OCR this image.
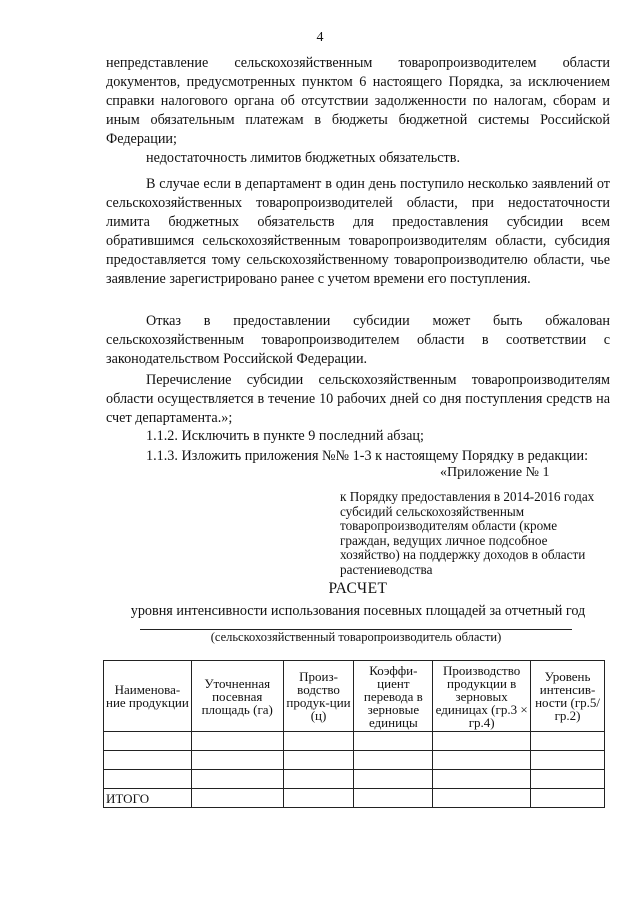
4

непредставление сельскохозяйственным товаропроизводителем области документов, предусмотренных пунктом 6 настоящего Порядка, за исключением справки налогового органа об отсутствии задолженности по налогам, сборам и иным обязательным платежам в бюджеты бюджетной системы Российской Федерации;

недостаточность лимитов бюджетных обязательств.

В случае если в департамент в один день поступило несколько заявлений от сельскохозяйственных товаропроизводителей области, при недостаточности лимита бюджетных обязательств для предоставления субсидии всем обратившимся сельскохозяйственным товаропроизводителям области, субсидия предоставляется тому сельскохозяйственному товаропроизводителю области, чье заявление зарегистрировано ранее с учетом времени его поступления.

Отказ в предоставлении субсидии может быть обжалован сельскохозяйственным товаропроизводителем области в соответствии с законодательством Российской Федерации.

Перечисление субсидии сельскохозяйственным товаропроизводителям области осуществляется в течение 10 рабочих дней со дня поступления средств на счет департамента.»;

1.1.2. Исключить в пункте 9 последний абзац;

1.1.3. Изложить приложения №№ 1-3 к настоящему Порядку в редакции:

«Приложение № 1
к Порядку предоставления в 2014-2016 годах субсидий сельскохозяйственным товаропроизводителям области (кроме граждан, ведущих личное подсобное хозяйство) на поддержку доходов в области растениеводства
РАСЧЕТ
уровня интенсивности использования посевных площадей за отчетный год
(сельскохозяйственный товаропроизводитель области)
Наименова-ние продукции	Уточненная посевная площадь (га)	Произ-водство продук-ции (ц)	Коэффи-циент перевода в зерновые единицы	Производство продукции в зерновых единицах (гр.3 × гр.4)	Уровень интенсив-ности (гр.5/гр.2)

ИТОГО					
